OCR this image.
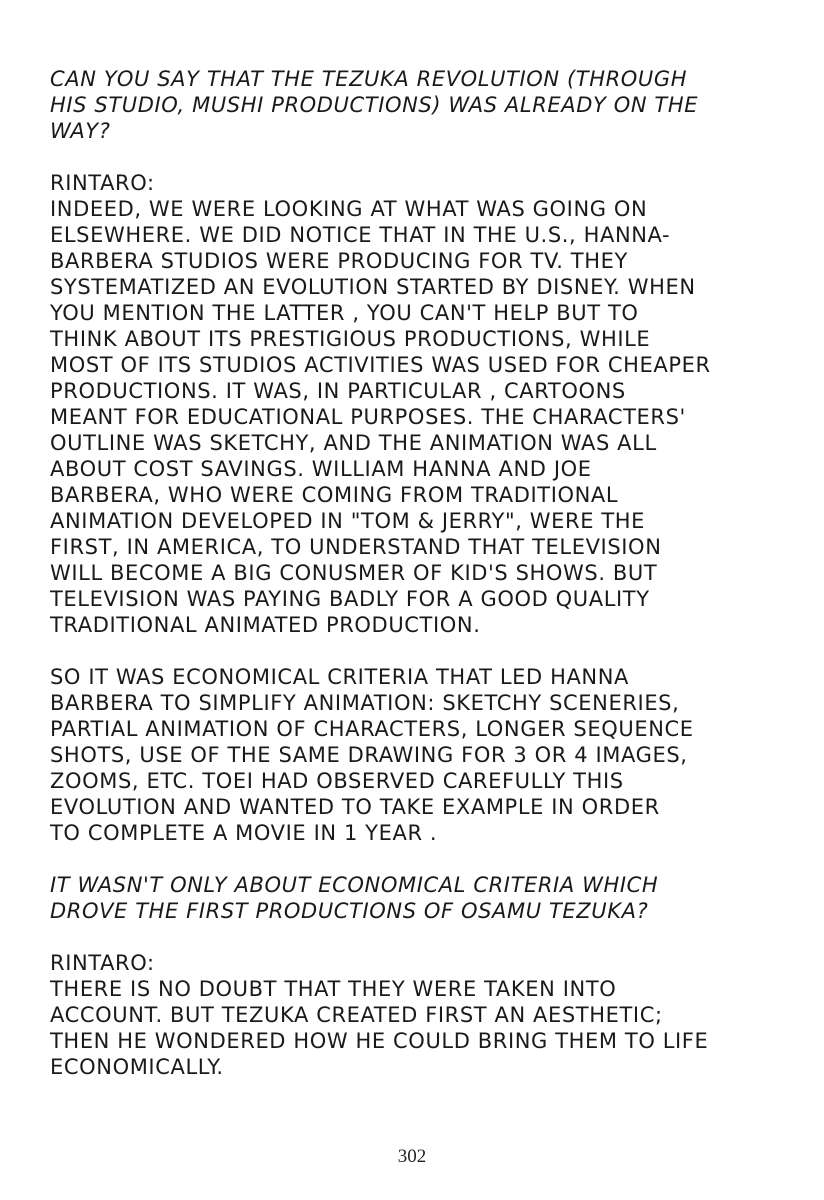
CAN YOU SAY THAT THE TEZUKA REVOLUTION (THROUGH
HIS STUDIO, MUSHI PRODUCTIONS) WAS ALREADY ON THE
WAY?
RINTARO:
INDEED, WE WERE LOOKING AT WHAT WAS GOING ON
ELSEWHERE. WE DID NOTICE THAT IN THE U.S., HANNA-
BARBERA STUDIOS WERE PRODUCING FOR TV. THEY
SYSTEMATIZED AN EVOLUTION STARTED BY DISNEY. WHEN
YOU MENTION THE LATTER , YOU CAN'T HELP BUT TO
THINK ABOUT ITS PRESTIGIOUS PRODUCTIONS, WHILE
MOST OF ITS STUDIOS ACTIVITIES WAS USED FOR CHEAPER
PRODUCTIONS. IT WAS, IN PARTICULAR , CARTOONS
MEANT FOR EDUCATIONAL PURPOSES. THE CHARACTERS'
OUTLINE WAS SKETCHY, AND THE ANIMATION WAS ALL
ABOUT COST SAVINGS. WILLIAM HANNA AND JOE
BARBERA, WHO WERE COMING FROM TRADITIONAL
ANIMATION DEVELOPED IN "TOM & JERRY", WERE THE
FIRST, IN AMERICA, TO UNDERSTAND THAT TELEVISION
WILL BECOME A BIG CONUSMER OF KID'S SHOWS. BUT
TELEVISION WAS PAYING BADLY FOR A GOOD QUALITY
TRADITIONAL ANIMATED PRODUCTION.
SO IT WAS ECONOMICAL CRITERIA THAT LED HANNA
BARBERA TO SIMPLIFY ANIMATION: SKETCHY SCENERIES,
PARTIAL ANIMATION OF CHARACTERS, LONGER SEQUENCE
SHOTS, USE OF THE SAME DRAWING FOR 3 OR 4 IMAGES,
ZOOMS, ETC. TOEI HAD OBSERVED CAREFULLY THIS
EVOLUTION AND WANTED TO TAKE EXAMPLE IN ORDER
TO COMPLETE A MOVIE IN 1 YEAR .
IT WASN'T ONLY ABOUT ECONOMICAL CRITERIA WHICH
DROVE THE FIRST PRODUCTIONS OF OSAMU TEZUKA?
RINTARO:
THERE IS NO DOUBT THAT THEY WERE TAKEN INTO
ACCOUNT. BUT TEZUKA CREATED FIRST AN AESTHETIC;
THEN HE WONDERED HOW HE COULD BRING THEM TO LIFE
ECONOMICALLY.
302
